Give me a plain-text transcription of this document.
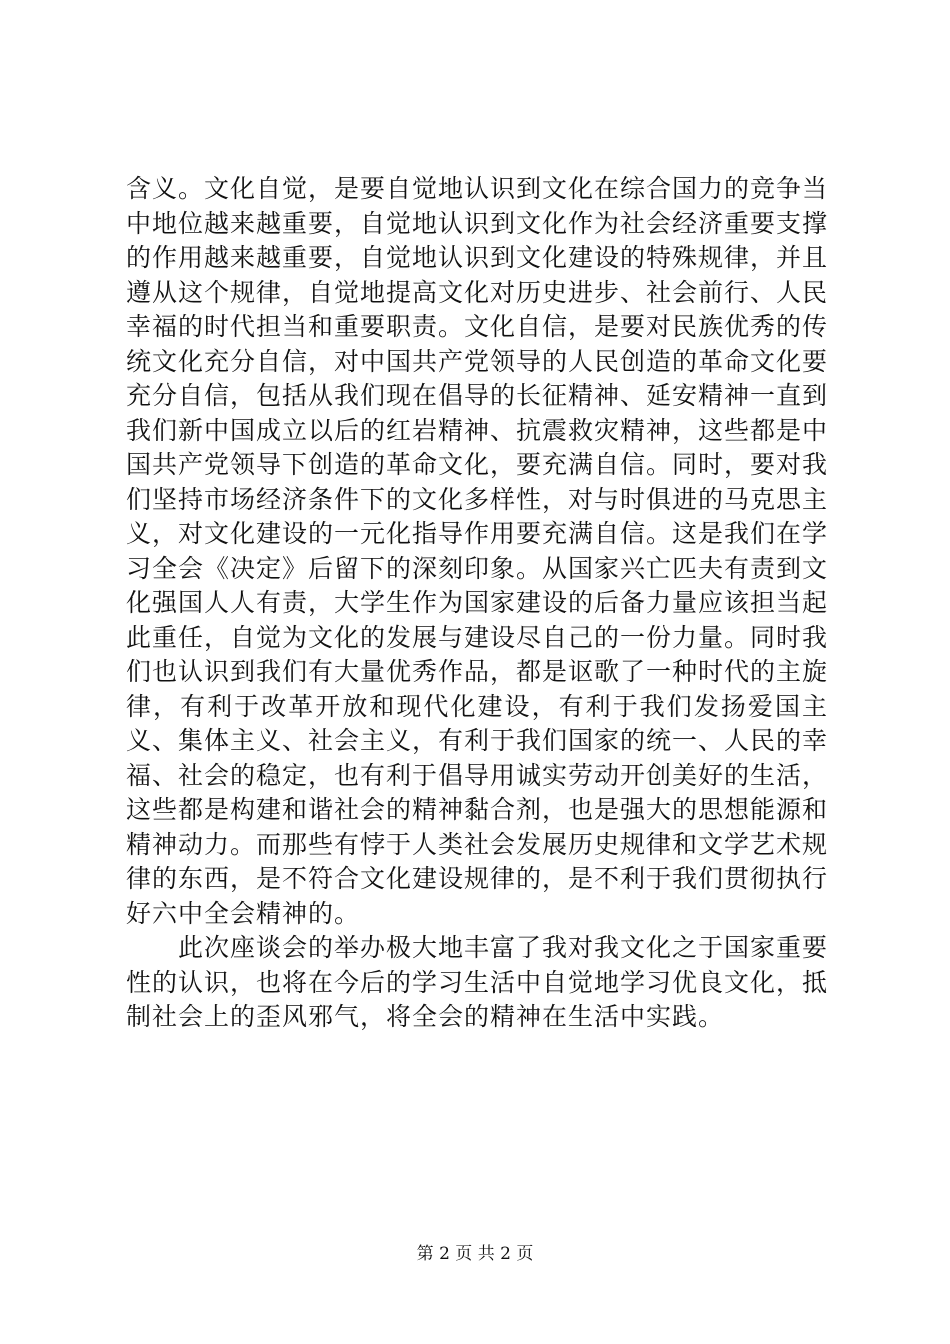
含义。文化自觉，是要自觉地认识到文化在综合国力的竞争当中地位越来越重要，自觉地认识到文化作为社会经济重要支撑的作用越来越重要，自觉地认识到文化建设的特殊规律，并且遵从这个规律，自觉地提高文化对历史进步、社会前行、人民幸福的时代担当和重要职责。文化自信，是要对民族优秀的传统文化充分自信，对中国共产党领导的人民创造的革命文化要充分自信，包括从我们现在倡导的长征精神、延安精神一直到我们新中国成立以后的红岩精神、抗震救灾精神，这些都是中国共产党领导下创造的革命文化，要充满自信。同时，要对我们坚持市场经济条件下的文化多样性，对与时俱进的马克思主义，对文化建设的一元化指导作用要充满自信。这是我们在学习全会《决定》后留下的深刻印象。从国家兴亡匹夫有责到文化强国人人有责，大学生作为国家建设的后备力量应该担当起此重任，自觉为文化的发展与建设尽自己的一份力量。同时我们也认识到我们有大量优秀作品，都是讴歌了一种时代的主旋律，有利于改革开放和现代化建设，有利于我们发扬爱国主义、集体主义、社会主义，有利于我们国家的统一、人民的幸福、社会的稳定，也有利于倡导用诚实劳动开创美好的生活，这些都是构建和谐社会的精神黏合剂，也是强大的思想能源和精神动力。而那些有悖于人类社会发展历史规律和文学艺术规律的东西，是不符合文化建设规律的，是不利于我们贯彻执行好六中全会精神的。

此次座谈会的举办极大地丰富了我对我文化之于国家重要性的认识，也将在今后的学习生活中自觉地学习优良文化，抵制社会上的歪风邪气，将全会的精神在生活中实践。

第 2 页 共 2 页
